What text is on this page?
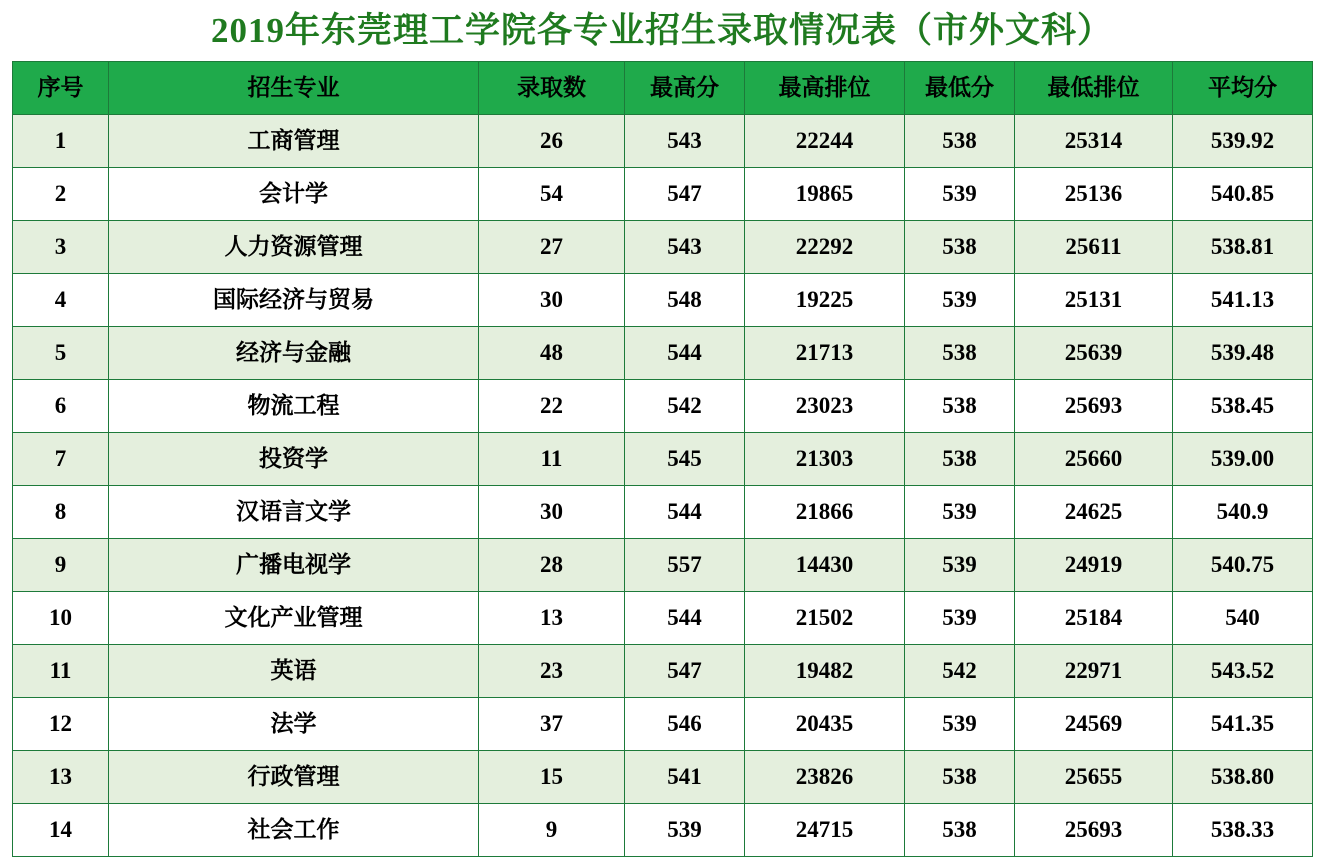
2019年东莞理工学院各专业招生录取情况表（市外文科）
序号	招生专业	录取数	最高分	最高排位	最低分	最低排位	平均分
1	工商管理	26	543	22244	538	25314	539.92
2	会计学	54	547	19865	539	25136	540.85
3	人力资源管理	27	543	22292	538	25611	538.81
4	国际经济与贸易	30	548	19225	539	25131	541.13
5	经济与金融	48	544	21713	538	25639	539.48
6	物流工程	22	542	23023	538	25693	538.45
7	投资学	11	545	21303	538	25660	539.00
8	汉语言文学	30	544	21866	539	24625	540.9
9	广播电视学	28	557	14430	539	24919	540.75
10	文化产业管理	13	544	21502	539	25184	540
11	英语	23	547	19482	542	22971	543.52
12	法学	37	546	20435	539	24569	541.35
13	行政管理	15	541	23826	538	25655	538.80
14	社会工作	9	539	24715	538	25693	538.33
